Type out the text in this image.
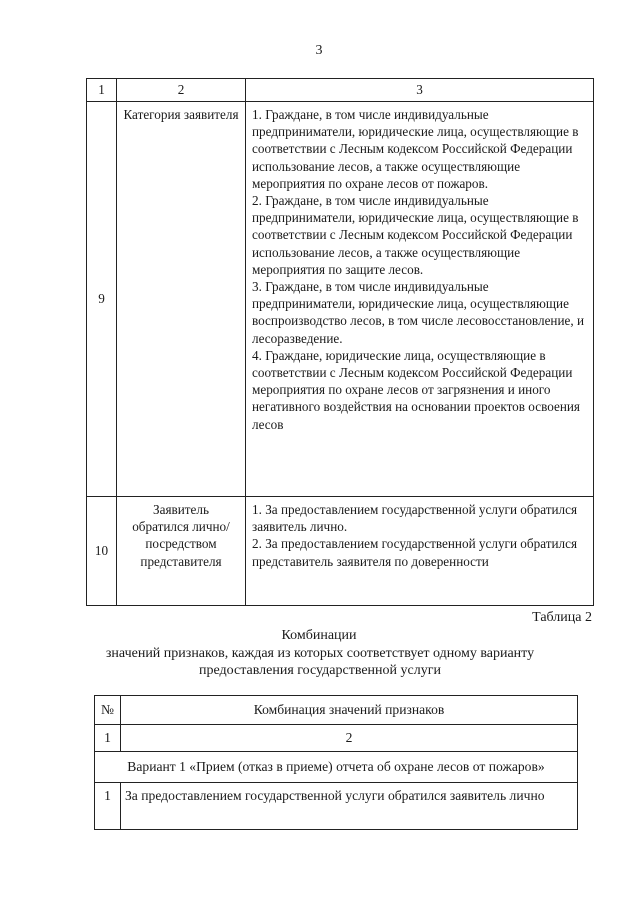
3
1	2	3
9	Категория заявителя	1. Граждане, в том числе индивидуальные предприниматели, юридические лица, осуществляющие в соответствии с Лесным кодексом Российской Федерации использование лесов, а также осуществляющие мероприятия по охране лесов от пожаров.

2. Граждане, в том числе индивидуальные предприниматели, юридические лица, осуществляющие в соответствии с Лесным кодексом Российской Федерации использование лесов, а также осуществляющие мероприятия по защите лесов.

3. Граждане, в том числе индивидуальные предприниматели, юридические лица, осуществляющие воспроизводство лесов, в том числе лесовосстановление, и лесоразведение.

4. Граждане, юридические лица, осуществляющие в соответствии с Лесным кодексом Российской Федерации мероприятия по охране лесов от загрязнения и иного негативного воздействия на основании проектов освоения лесов

10	Заявитель обратился лично/посредством представителя	1. За предоставлением государственной услуги обратился заявитель лично.

2. За предоставлением государственной услуги обратился представитель заявителя по доверенности

Таблица 2
Комбинации
значений признаков, каждая из которых соответствует одному варианту предоставления государственной услуги
№	Комбинация значений признаков
1	2
Вариант 1 «Прием (отказ в приеме) отчета об охране лесов от пожаров»	
1	За предоставлением государственной услуги обратился заявитель лично
